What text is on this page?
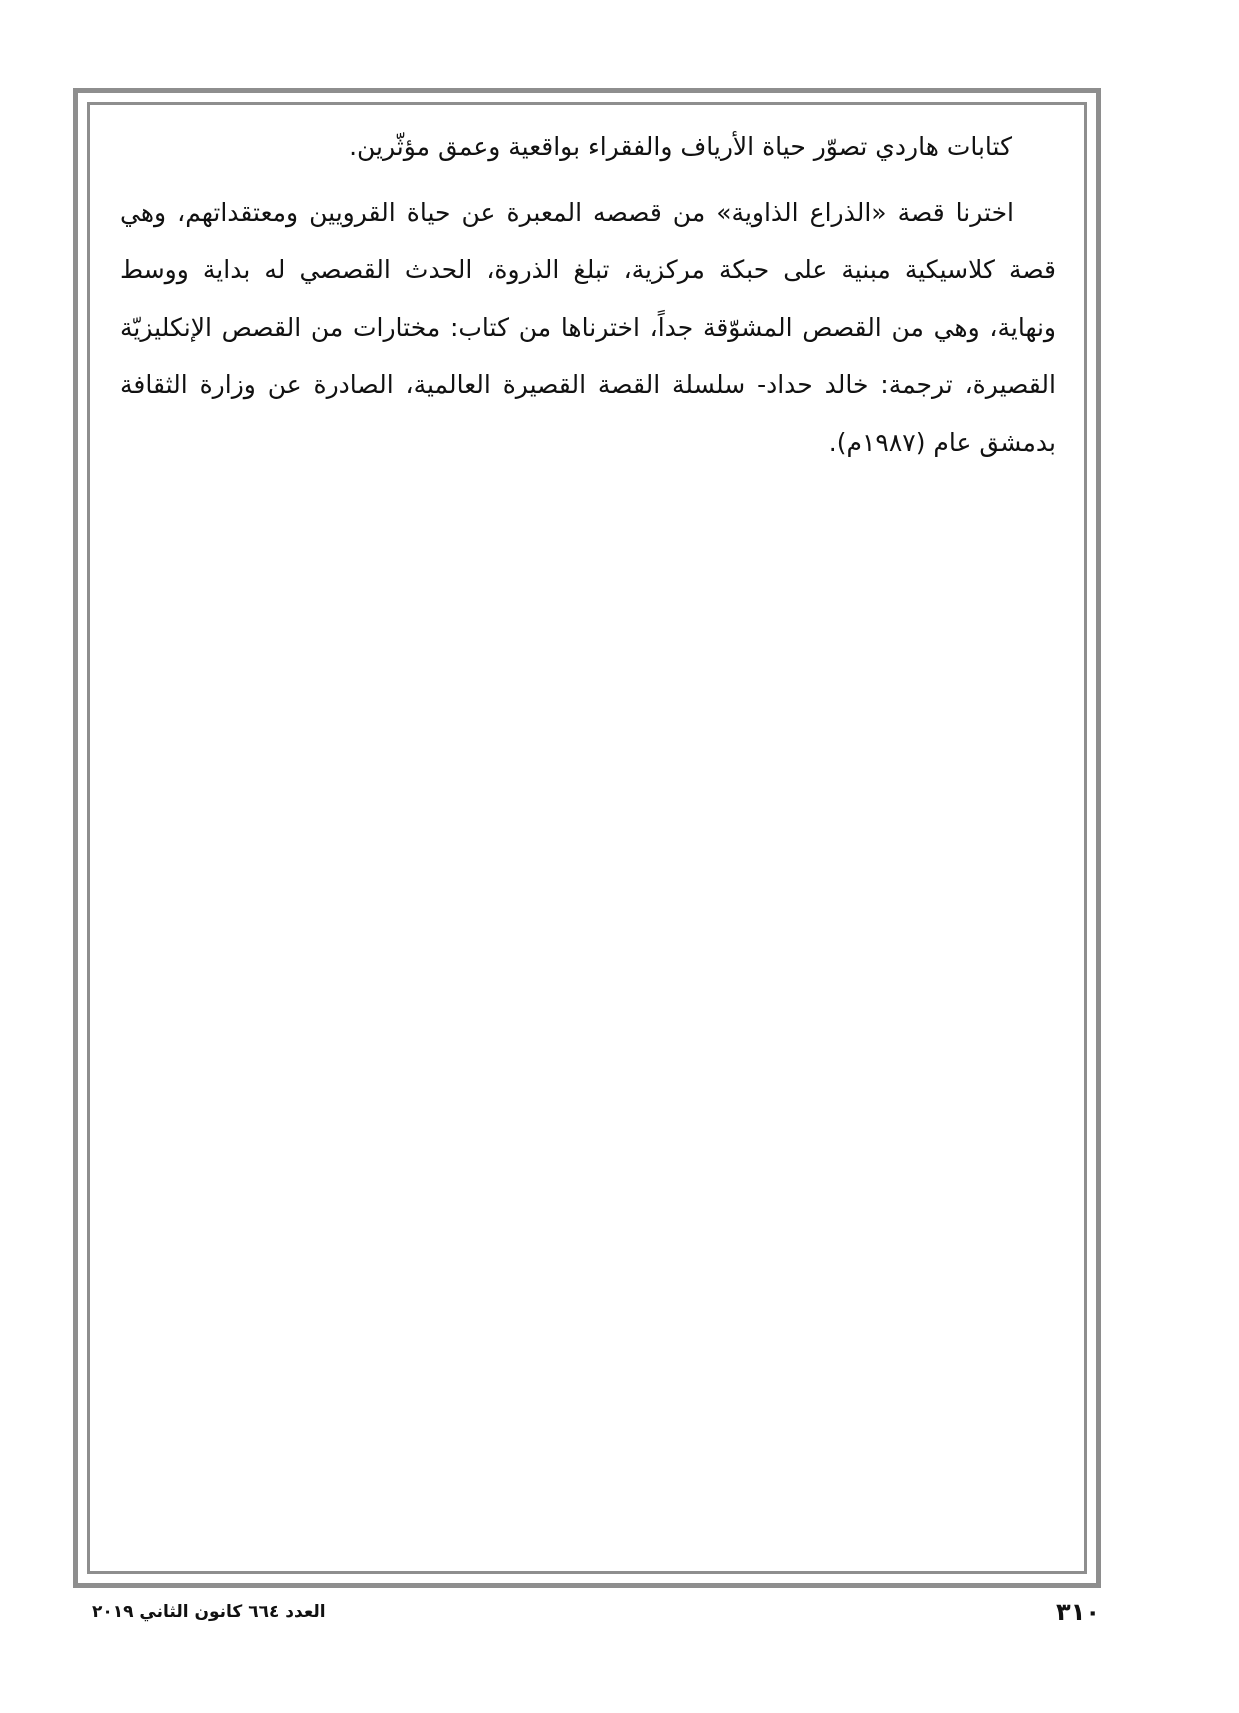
كتابات هاردي تصوّر حياة الأرياف والفقراء بواقعية وعمق مؤثّرين.

اخترنا قصة «الذراع الذاوية» من قصصه المعبرة عن حياة القرويين ومعتقداتهم، وهي قصة كلاسيكية مبنية على حبكة مركزية، تبلغ الذروة، الحدث القصصي له بداية ووسط ونهاية، وهي من القصص المشوّقة جداً، اخترناها من كتاب: مختارات من القصص الإنكليزيّة القصيرة، ترجمة: خالد حداد- سلسلة القصة القصيرة العالمية، الصادرة عن وزارة الثقافة بدمشق عام (١٩٨٧م).

٣١٠
العدد ٦٦٤ كانون الثاني ٢٠١٩
